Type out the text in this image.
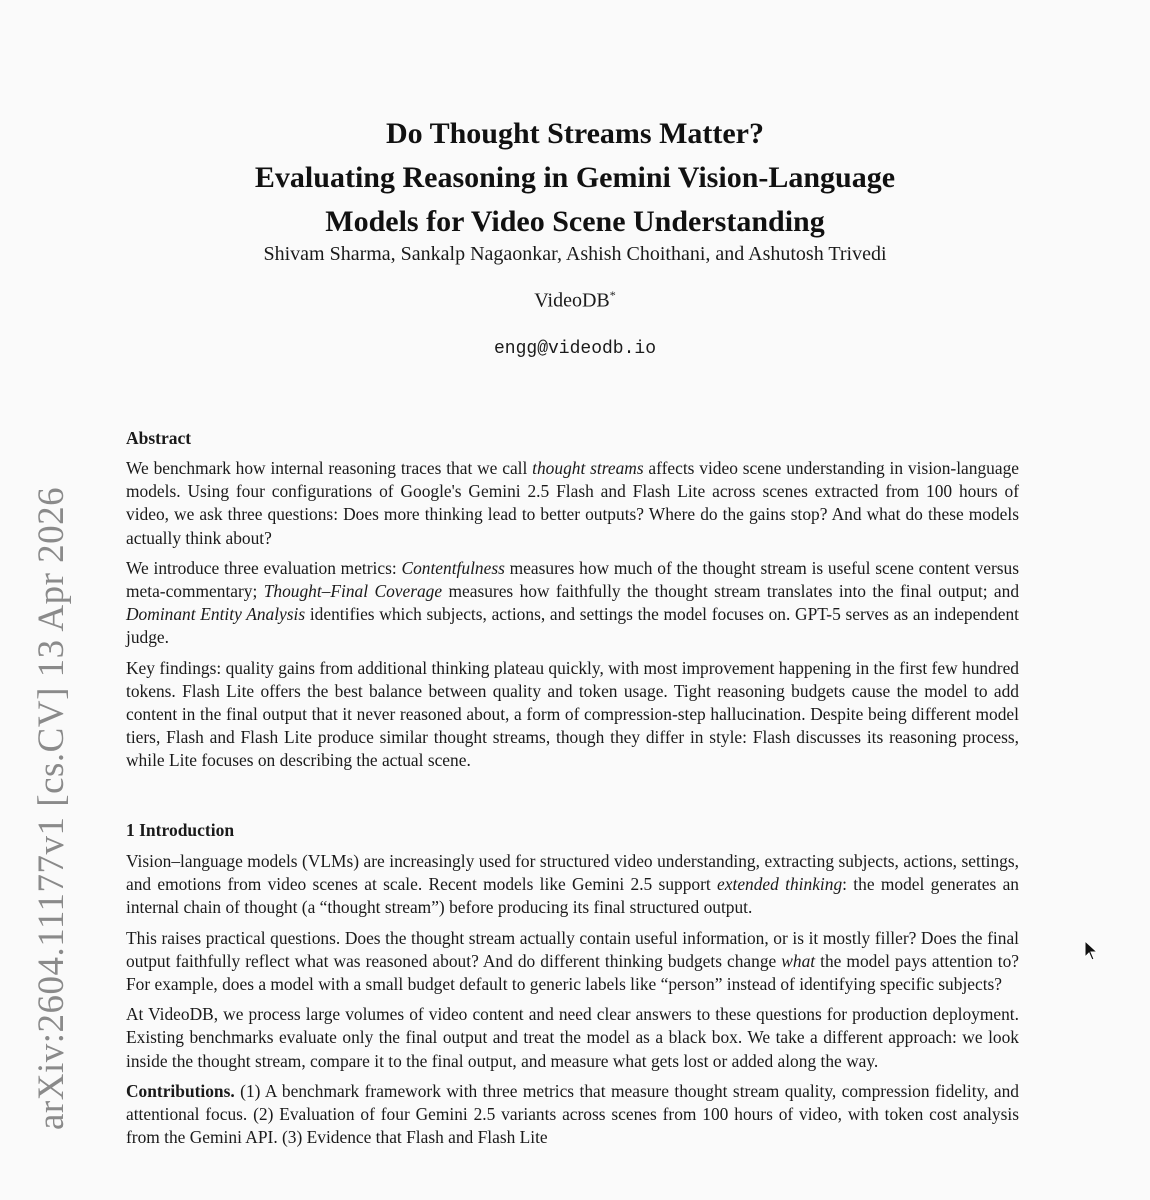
arXiv:2604.11177v1 [cs.CV] 13 Apr 2026
Do Thought Streams Matter?
Evaluating Reasoning in Gemini Vision-Language
Models for Video Scene Understanding
Shivam Sharma, Sankalp Nagaonkar, Ashish Choithani, and Ashutosh Trivedi
VideoDB*
engg@videodb.io
Abstract

We benchmark how internal reasoning traces that we call thought streams affects video scene understanding in vision-language models. Using four configurations of Google's Gemini 2.5 Flash and Flash Lite across scenes extracted from 100 hours of video, we ask three questions: Does more thinking lead to better outputs? Where do the gains stop? And what do these models actually think about?

We introduce three evaluation metrics: Contentfulness measures how much of the thought stream is useful scene content versus meta-commentary; Thought–Final Coverage measures how faithfully the thought stream translates into the final output; and Dominant Entity Analysis identifies which subjects, actions, and settings the model focuses on. GPT-5 serves as an independent judge.

Key findings: quality gains from additional thinking plateau quickly, with most improvement happening in the first few hundred tokens. Flash Lite offers the best balance between quality and token usage. Tight reasoning budgets cause the model to add content in the final output that it never reasoned about, a form of compression-step hallucination. Despite being different model tiers, Flash and Flash Lite produce similar thought streams, though they differ in style: Flash discusses its reasoning process, while Lite focuses on describing the actual scene.

1 Introduction

Vision–language models (VLMs) are increasingly used for structured video understanding, extracting subjects, actions, settings, and emotions from video scenes at scale. Recent models like Gemini 2.5 support extended thinking: the model generates an internal chain of thought (a “thought stream”) before producing its final structured output.

This raises practical questions. Does the thought stream actually contain useful information, or is it mostly filler? Does the final output faithfully reflect what was reasoned about? And do different thinking budgets change what the model pays attention to? For example, does a model with a small budget default to generic labels like “person” instead of identifying specific subjects?

At VideoDB, we process large volumes of video content and need clear answers to these questions for production deployment. Existing benchmarks evaluate only the final output and treat the model as a black box. We take a different approach: we look inside the thought stream, compare it to the final output, and measure what gets lost or added along the way.

Contributions. (1) A benchmark framework with three metrics that measure thought stream quality, compression fidelity, and attentional focus. (2) Evaluation of four Gemini 2.5 variants across scenes from 100 hours of video, with token cost analysis from the Gemini API. (3) Evidence that Flash and Flash Lite
